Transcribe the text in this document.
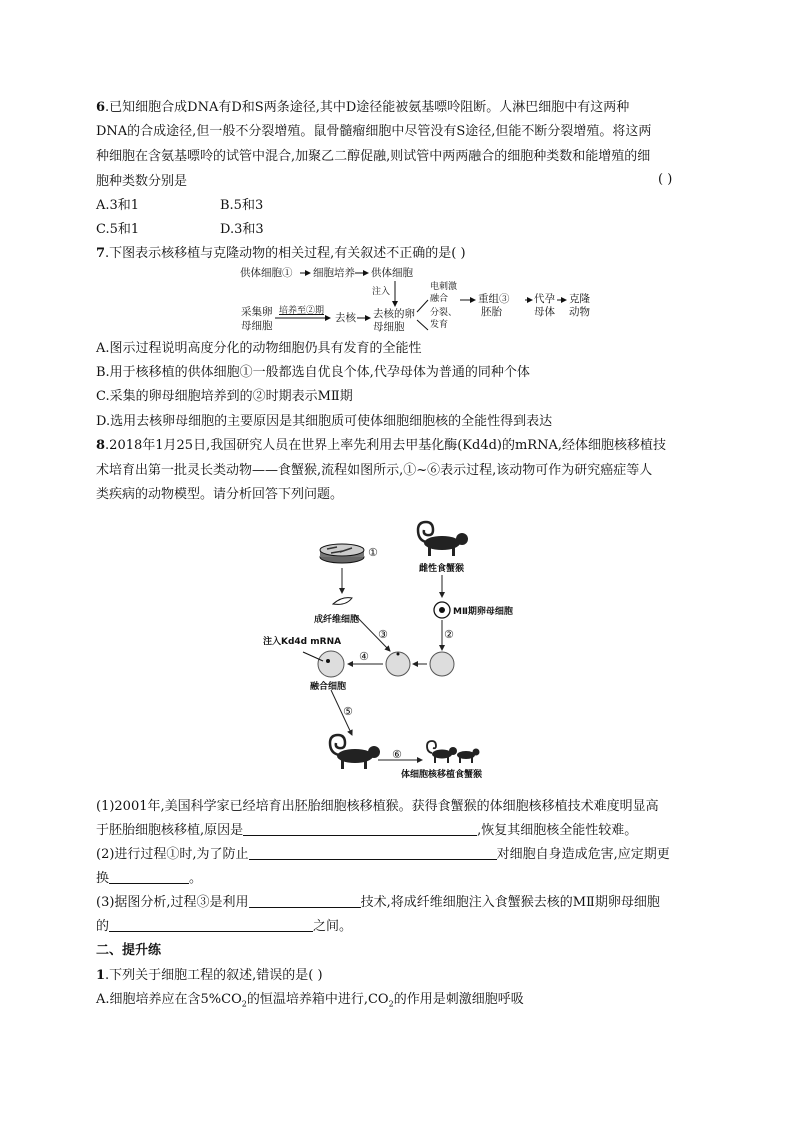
6.已知细胞合成DNA有D和S两条途径,其中D途径能被氨基嘌呤阻断。人淋巴细胞中有这两种
DNA的合成途径,但一般不分裂增殖。鼠骨髓瘤细胞中尽管没有S途径,但能不断分裂增殖。将这两
种细胞在含氨基嘌呤的试管中混合,加聚乙二醇促融,则试管中两两融合的细胞种类数和能增殖的细
胞种类数分别是	( )
A.3和1	B.5和3
C.5和1	D.3和3
7.下图表示核移植与克隆动物的相关过程,有关叙述不正确的是( )
供体细胞① 细胞培养 供体细胞
注入
采集卵
母细胞
培养至②期
去核 去核的卵
母细胞
电刺激
融合
分裂、
发育
重组③
胚胎
代孕
母体
克隆
动物
A.图示过程说明高度分化的动物细胞仍具有发育的全能性
B.用于核移植的供体细胞①一般都选自优良个体,代孕母体为普通的同种个体
C.采集的卵母细胞培养到的②时期表示MⅡ期
D.选用去核卵母细胞的主要原因是其细胞质可使体细胞细胞核的全能性得到表达
8.2018年1月25日,我国研究人员在世界上率先利用去甲基化酶(Kd4d)的mRNA,经体细胞核移植技
术培育出第一批灵长类动物——食蟹猴,流程如图所示,①~⑥表示过程,该动物可作为研究癌症等人
类疾病的动物模型。请分析回答下列问题。
①
成纤维细胞
雌性食蟹猴
MⅡ期卵母细胞
②
③
④
注入Kd4d mRNA
融合细胞
⑤
⑥
体细胞核移植食蟹猴
(1)2001年,美国科学家已经培育出胚胎细胞核移植猴。获得食蟹猴的体细胞核移植技术难度明显高
于胚胎细胞核移植,原因是	,恢复其细胞核全能性较难。
(2)进行过程①时,为了防止	对细胞自身造成危害,应定期更
换	。
(3)据图分析,过程③是利用	技术,将成纤维细胞注入食蟹猴去核的MⅡ期卵母细胞
的	之间。
二、提升练
1.下列关于细胞工程的叙述,错误的是( )
A.细胞培养应在含$5\%CO_2$的恒温培养箱中进行$,CO_2$的作用是刺激细胞呼吸
